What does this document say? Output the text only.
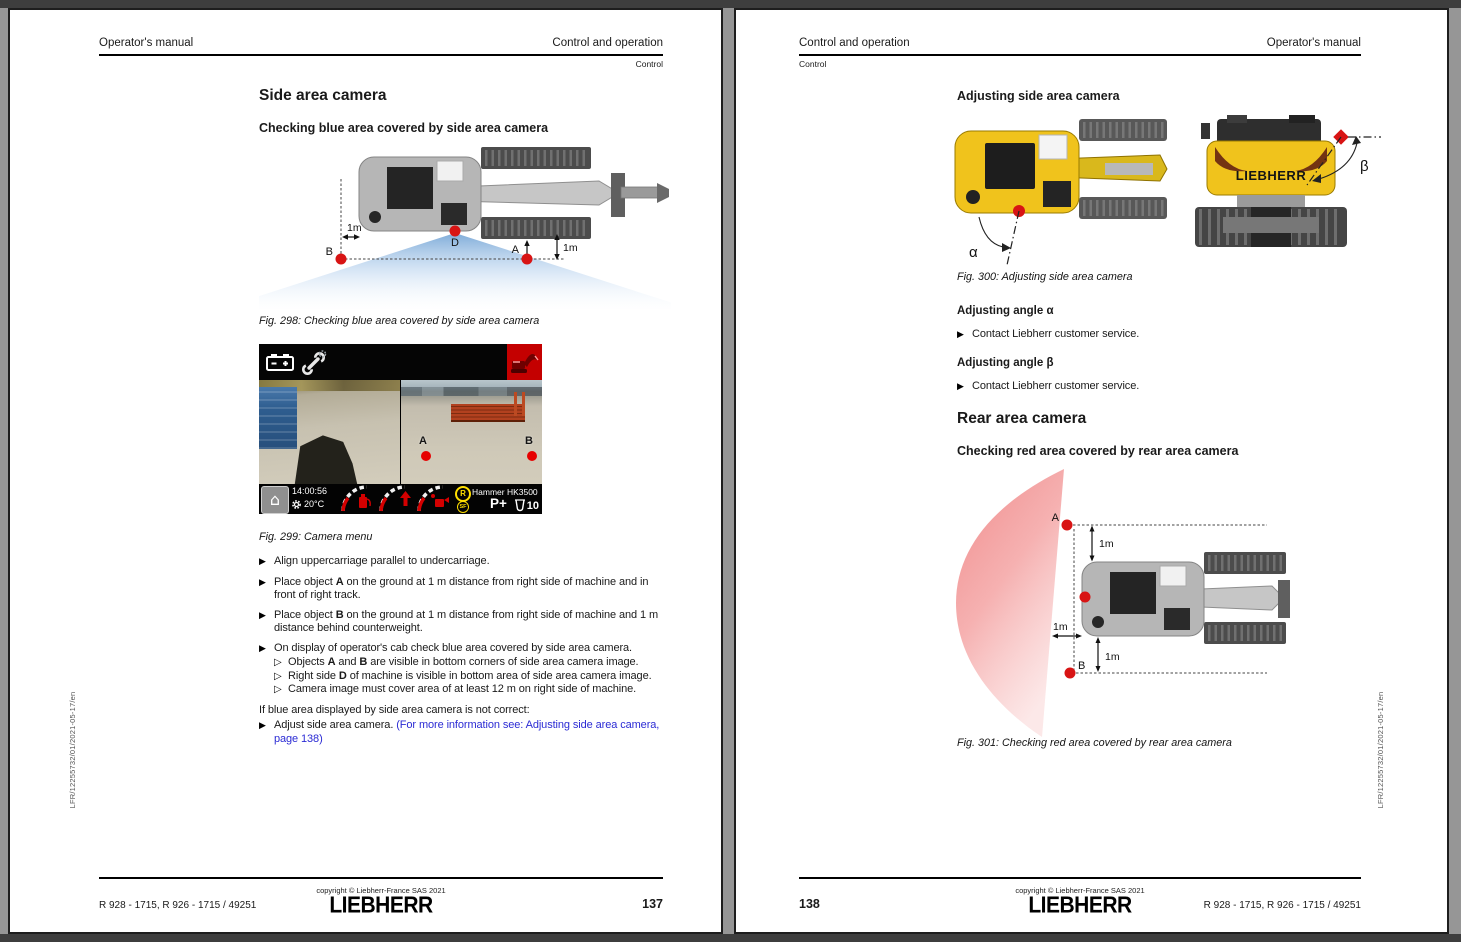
Operator's manual	Control and operation
Control
Side area camera
Checking blue area covered by side area camera
1m
1m
B
D
A
Fig. 298: Checking blue area covered by side area camera
A	B
⌂ 14:00:56
20°C
R
SF
Hammer HK3500
P+ 10
Fig. 299: Camera menu
▶ Align uppercarriage parallel to undercarriage.
▶ Place object A on the ground at 1 m distance from right side of machine and in front of right track.
▶ Place object B on the ground at 1 m distance from right side of machine and 1 m distance behind counterweight.
▶ On display of operator's cab check blue area covered by side area camera.
▷ Objects A and B are visible in bottom corners of side area camera image.
▷ Right side D of machine is visible in bottom area of side area camera image.
▷ Camera image must cover area of at least 12 m on right side of machine.
If blue area displayed by side area camera is not correct:
▶ Adjust side area camera. (For more information see: Adjusting side area camera, page 138)
LFR/12255732/01/2021-05-17/en
copyright © Liebherr-France SAS 2021
LIEBHERR
R 928 - 1715, R 926 - 1715 / 49251	137
Control and operation	Operator's manual
Control
Adjusting side area camera
α
LIEBHERR
β
Fig. 300: Adjusting side area camera
Adjusting angle α
▶ Contact Liebherr customer service.
Adjusting angle β
▶ Contact Liebherr customer service.
Rear area camera
Checking red area covered by rear area camera
1m
1m
1m
A
B
Fig. 301: Checking red area covered by rear area camera	LFR/12255732/01/2021-05-17/en
138
copyright © Liebherr-France SAS 2021
LIEBHERR	R 928 - 1715, R 926 - 1715 / 49251
